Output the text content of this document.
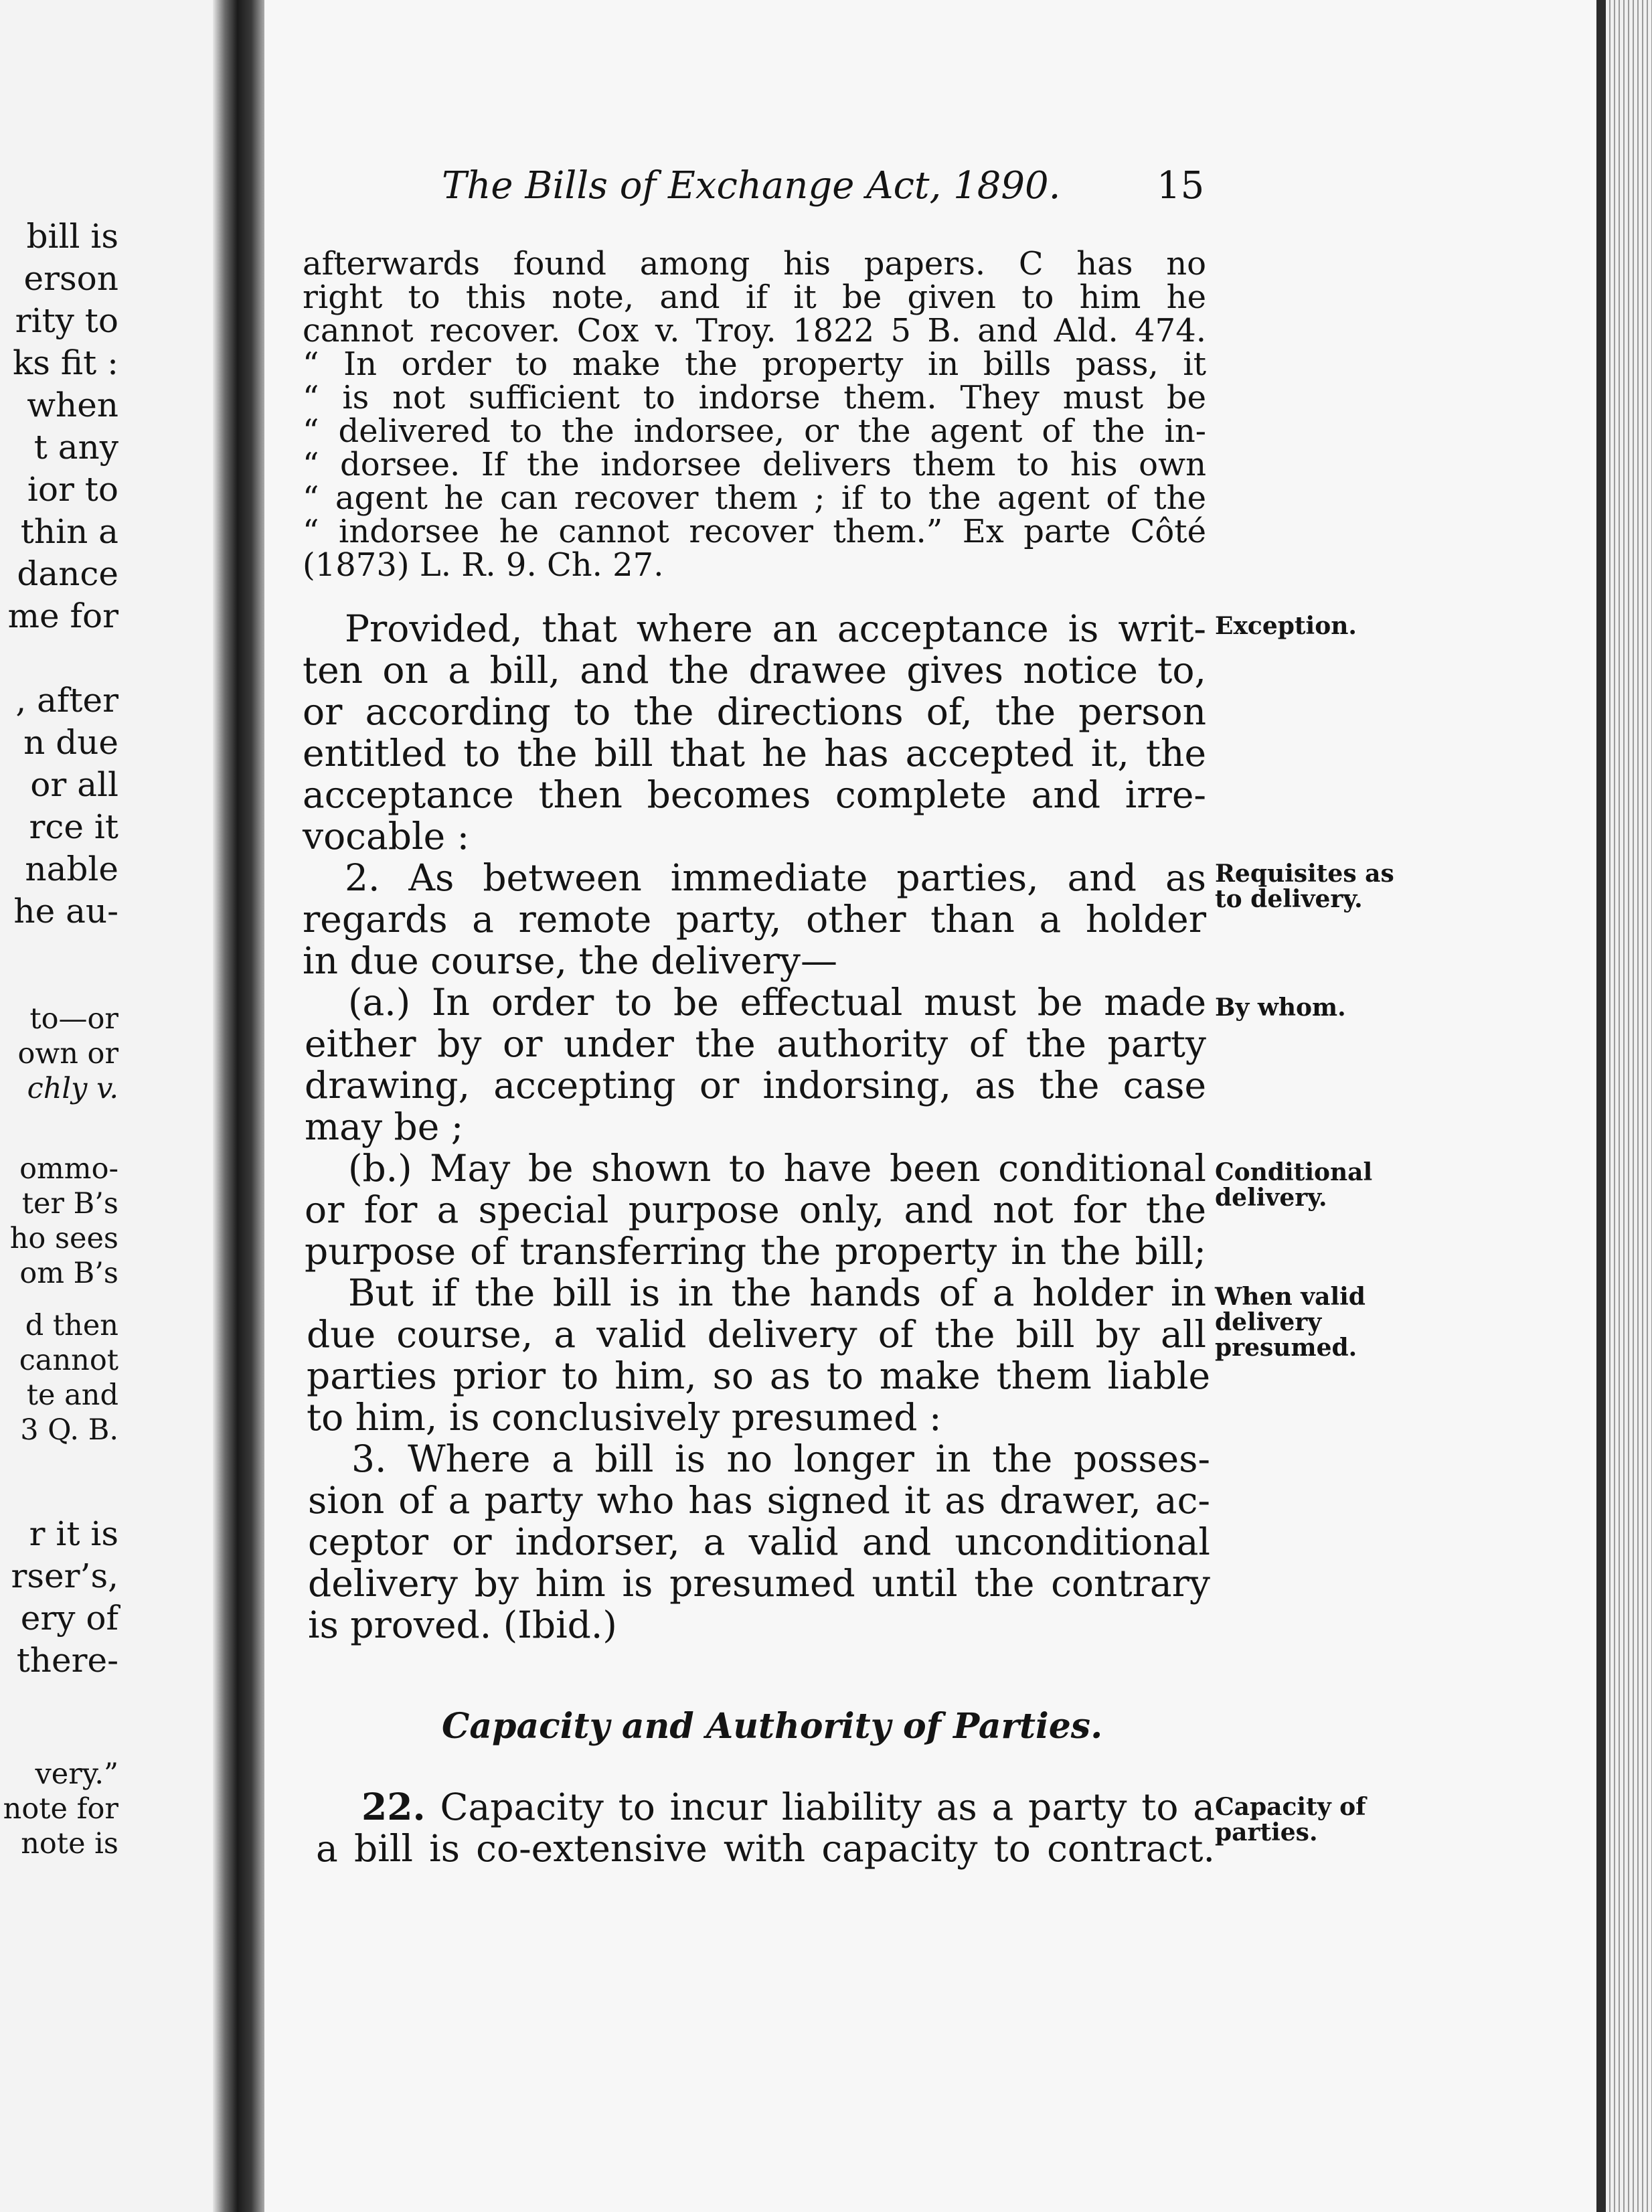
bill is
erson
rity to
ks fit :
when
t any
ior to
thin a
dance
me for
, after
n due
or all
rce it
nable
he au-
to—or
own or
chly v.
ommo-
ter B’s
ho sees
om B’s
d then
cannot
te and
3 Q. B.
r it is
rser’s,
ery of
there-
very.”
note for
note is
The Bills of Exchange Act, 1890.	15
afterwards found among his papers. C has no
right to this note, and if it be given to him he
cannot recover. Cox v. Troy. 1822 5 B. and Ald. 474.
“ In order to make the property in bills pass, it
“ is not sufficient to indorse them. They must be
“ delivered to the indorsee, or the agent of the in-
“ dorsee. If the indorsee delivers them to his own
“ agent he can recover them ; if to the agent of the
“ indorsee he cannot recover them.” Ex parte Côté
(1873) L. R. 9. Ch. 27.
Provided, that where an acceptance is writ-
ten on a bill, and the drawee gives notice to,
or according to the directions of, the person
entitled to the bill that he has accepted it, the
acceptance then becomes complete and irre-
vocable :
2. As between immediate parties, and as
regards a remote party, other than a holder
in due course, the delivery—
(a.) In order to be effectual must be made
either by or under the authority of the party
drawing, accepting or indorsing, as the case
may be ;
(b.) May be shown to have been conditional
or for a special purpose only, and not for the
purpose of transferring the property in the bill;
But if the bill is in the hands of a holder in
due course, a valid delivery of the bill by all
parties prior to him, so as to make them liable
to him, is conclusively presumed :
3. Where a bill is no longer in the posses-
sion of a party who has signed it as drawer, ac-
ceptor or indorser, a valid and unconditional
delivery by him is presumed until the contrary
is proved. (Ibid.)
Capacity and Authority of Parties.
22. Capacity to incur liability as a party to a
a bill is co-extensive with capacity to contract.
Exception.
Requisites as
to delivery.
By whom.
Conditional
delivery.
When valid
delivery
presumed.
Capacity of
parties.
